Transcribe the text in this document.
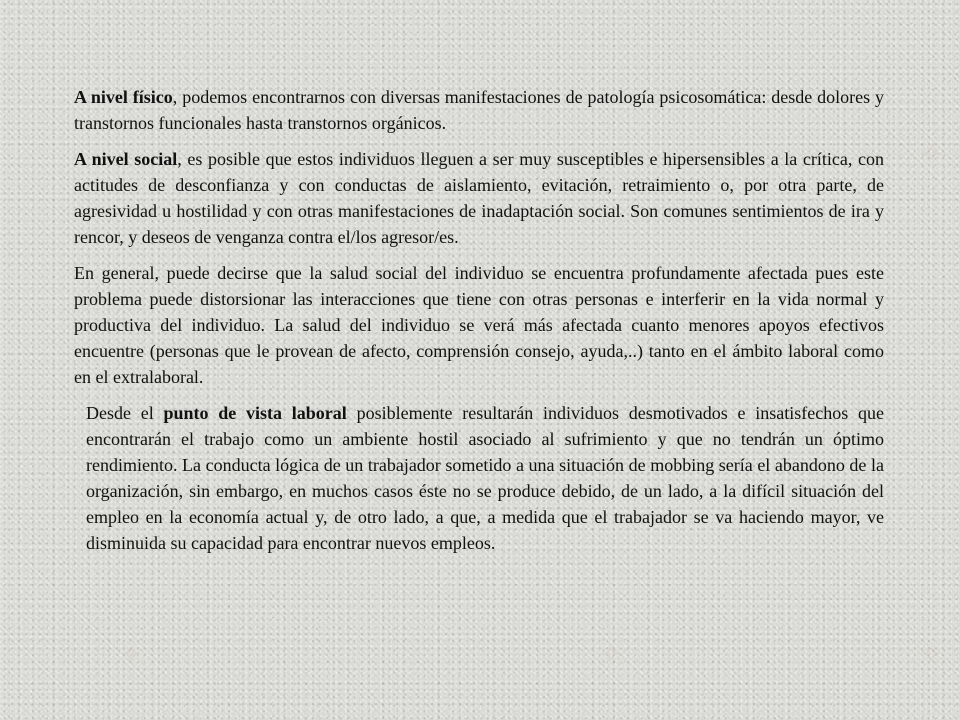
✧	✧
✧
✧

A nivel físico, podemos encontrarnos con diversas manifestaciones de patología psicosomática: desde dolores y transtornos funcionales hasta transtornos orgánicos.

A nivel social, es posible que estos individuos lleguen a ser muy susceptibles e hipersensibles a la crítica, con actitudes de desconfianza y con conductas de aislamiento, evitación, retraimiento o, por otra parte, de agresividad u hostilidad y con otras manifestaciones de inadaptación social. Son comunes sentimientos de ira y rencor, y deseos de venganza contra el/los agresor/es.

En general, puede decirse que la salud social del individuo se encuentra profundamente afectada pues este problema puede distorsionar las interacciones que tiene con otras personas e interferir en la vida normal y productiva del individuo. La salud del individuo se verá más afectada cuanto menores apoyos efectivos encuentre (personas que le provean de afecto, comprensión consejo, ayuda,..) tanto en el ámbito laboral como en el extralaboral.

Desde el punto de vista laboral posiblemente resultarán individuos desmotivados e insatisfechos que encontrarán el trabajo como un ambiente hostil asociado al sufrimiento y que no tendrán un óptimo rendimiento. La conducta lógica de un trabajador sometido a una situación de mobbing sería el abandono de la organización, sin embargo, en muchos casos éste no se produce debido, de un lado, a la difícil situación del empleo en la economía actual y, de otro lado, a que, a medida que el trabajador se va haciendo mayor, ve disminuida su capacidad para encontrar nuevos empleos.
